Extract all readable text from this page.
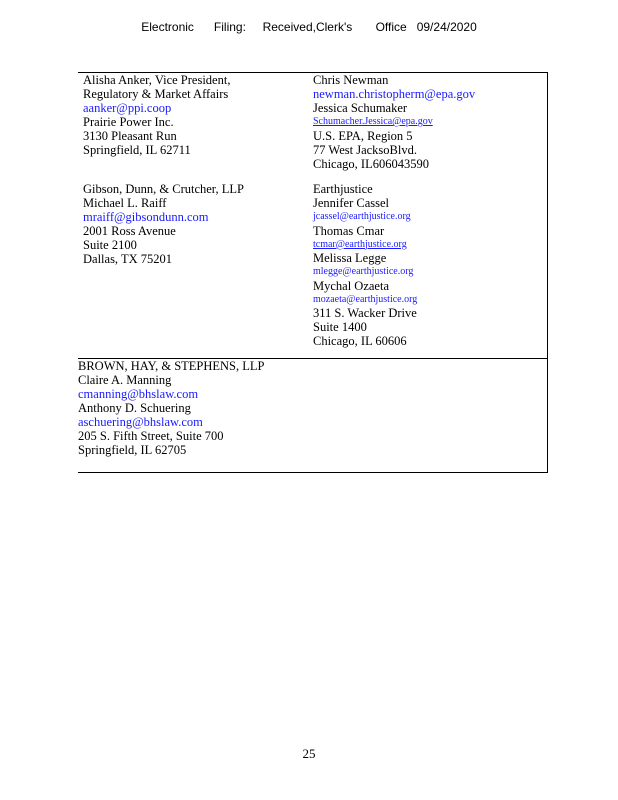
Electronic      Filing:     Received,Clerk's       Office   09/24/2020
Alisha Anker, Vice President,
Regulatory & Market Affairs
aanker@ppi.coop
Prairie Power Inc.
3130 Pleasant Run
Springfield, IL 62711
Chris Newman
newman.christopherm@epa.gov
Jessica Schumaker
Schumacher.Jessica@epa.gov
U.S. EPA, Region 5
77 West JacksoBlvd.
Chicago, IL606043590
Gibson, Dunn, & Crutcher, LLP
Michael L. Raiff
mraiff@gibsondunn.com
2001 Ross Avenue
Suite 2100
Dallas, TX 75201
Earthjustice
Jennifer Cassel
jcassel@earthjustice.org
Thomas Cmar
tcmar@earthjustice.org
Melissa Legge
mlegge@earthjustice.org
Mychal Ozaeta
mozaeta@earthjustice.org
311 S. Wacker Drive
Suite 1400
Chicago, IL 60606
BROWN, HAY, & STEPHENS, LLP
Claire A. Manning
cmanning@bhslaw.com
Anthony D. Schuering
aschuering@bhslaw.com
205 S. Fifth Street, Suite 700
Springfield, IL 62705
25
